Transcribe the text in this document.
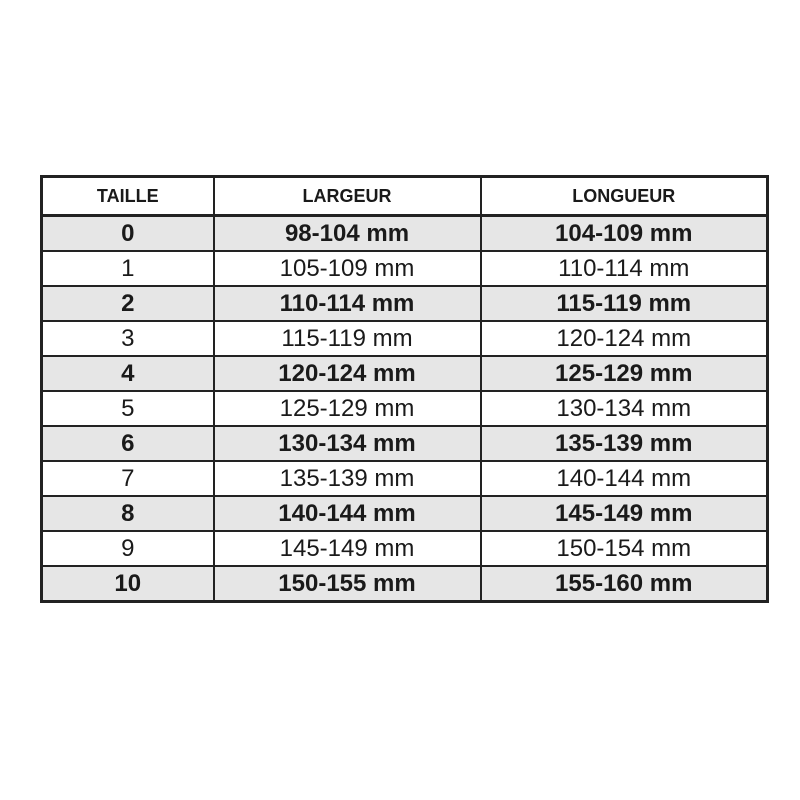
TAILLE	LARGEUR	LONGUEUR
0	98-104 mm	104-109 mm
1	105-109 mm	110-114 mm
2	110-114 mm	115-119 mm
3	115-119 mm	120-124 mm
4	120-124 mm	125-129 mm
5	125-129 mm	130-134 mm
6	130-134 mm	135-139 mm
7	135-139 mm	140-144 mm
8	140-144 mm	145-149 mm
9	145-149 mm	150-154 mm
10	150-155 mm	155-160 mm
